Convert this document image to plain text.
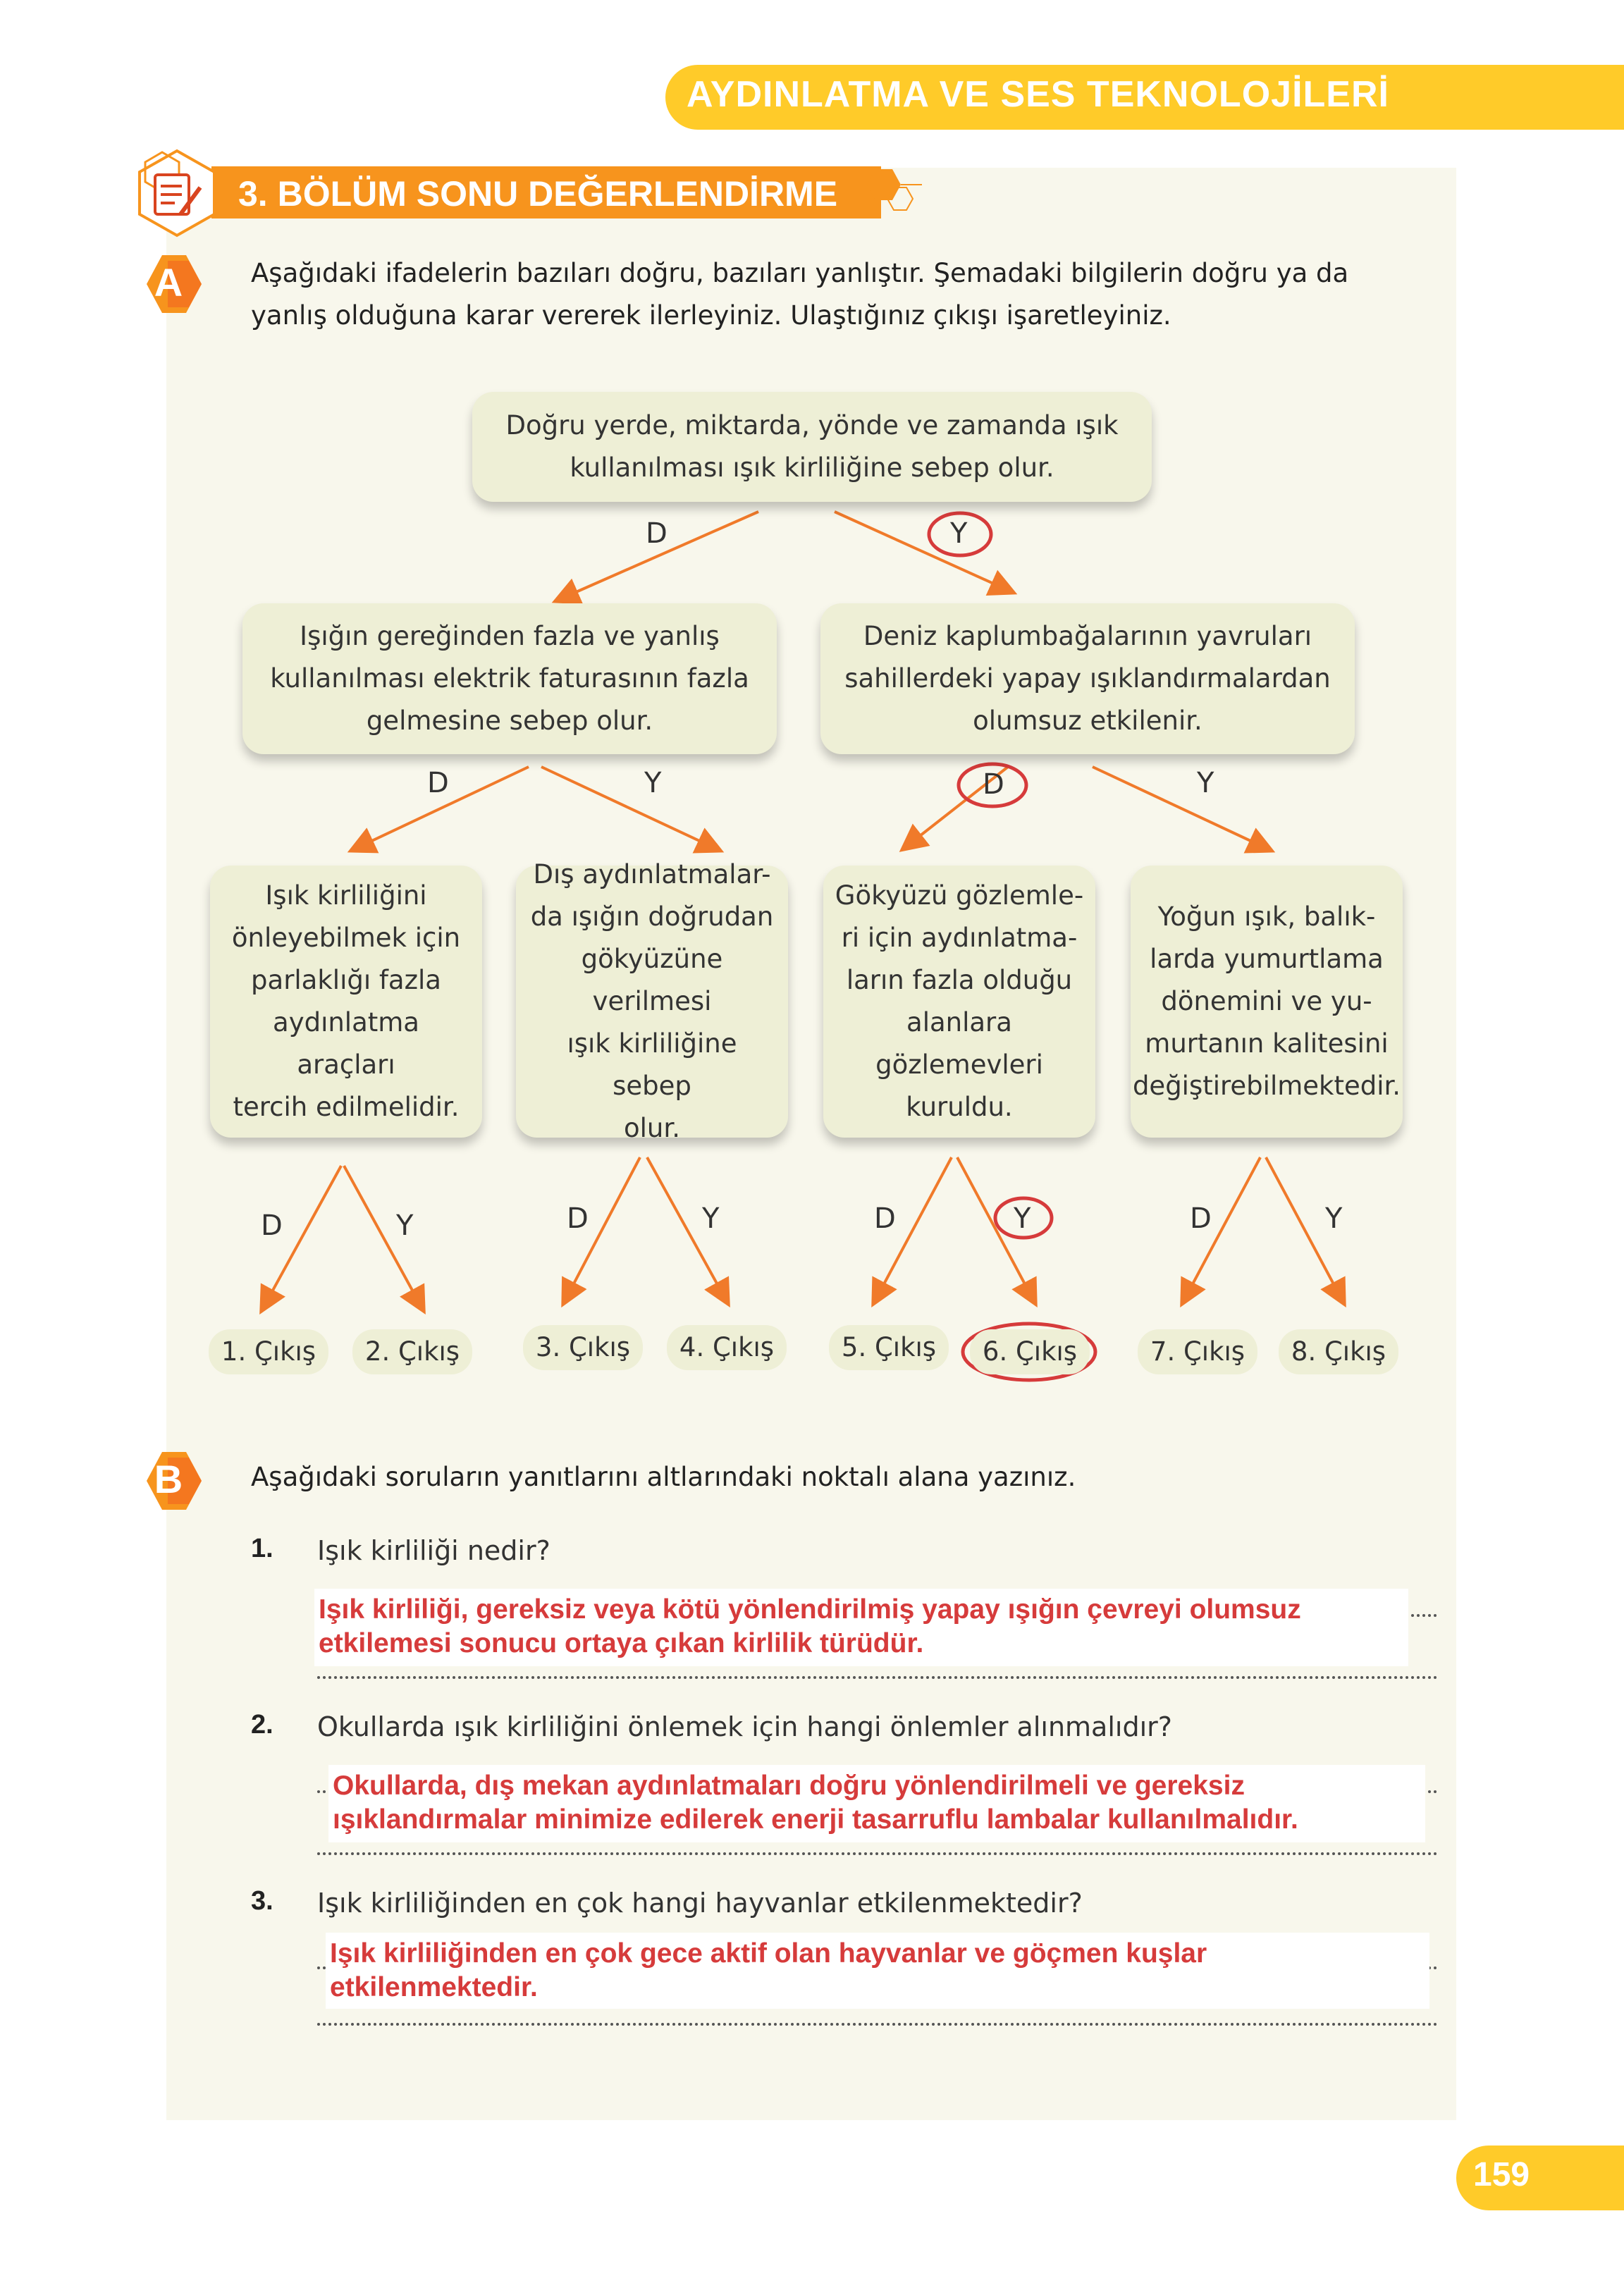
AYDINLATMA VE SES TEKNOLOJİLERİ
3. BÖLÜM SONU DEĞERLENDİRME
A	Aşağıdaki ifadelerin bazıları doğru, bazıları yanlıştır. Şemadaki bilgilerin doğru ya da
yanlış olduğuna karar vererek ilerleyiniz. Ulaştığınız çıkışı işaretleyiniz.
Doğru yerde, miktarda, yönde ve zamanda ışık
kullanılması ışık kirliliğine sebep olur.
D	Y
Işığın gereğinden fazla ve yanlış
kullanılması elektrik faturasının fazla
gelmesine sebep olur.
Deniz kaplumbağalarının yavruları
sahillerdeki yapay ışıklandırmalardan
olumsuz etkilenir.
D	Y	D	Y
Işık kirliliğini
önleyebilmek için
parlaklığı fazla
aydınlatma araçları
tercih edilmelidir.
Dış aydınlatmalar-
da ışığın doğrudan
gökyüzüne verilmesi
ışık kirliliğine sebep
olur.
Gökyüzü gözlemle-
ri için aydınlatma-
ların fazla olduğu
alanlara
gözlemevleri
kuruldu.
Yoğun ışık, balık-
larda yumurtlama
dönemini ve yu-
murtanın kalitesini
değiştirebilmektedir.
D	Y	D	Y	D	Y	D	Y
1. Çıkış	2. Çıkış	3. Çıkış	4. Çıkış	5. Çıkış	6. Çıkış	7. Çıkış	8. Çıkış
B	Aşağıdaki soruların yanıtlarını altlarındaki noktalı alana yazınız.
1. Işık kirliliği nedir?
Işık kirliliği, gereksiz veya kötü yönlendirilmiş yapay ışığın çevreyi olumsuz
etkilemesi sonucu ortaya çıkan kirlilik türüdür.
2. Okullarda ışık kirliliğini önlemek için hangi önlemler alınmalıdır?
Okullarda, dış mekan aydınlatmaları doğru yönlendirilmeli ve gereksiz
ışıklandırmalar minimize edilerek enerji tasarruflu lambalar kullanılmalıdır.
3. Işık kirliliğinden en çok hangi hayvanlar etkilenmektedir?
Işık kirliliğinden en çok gece aktif olan hayvanlar ve göçmen kuşlar
etkilenmektedir.
159
